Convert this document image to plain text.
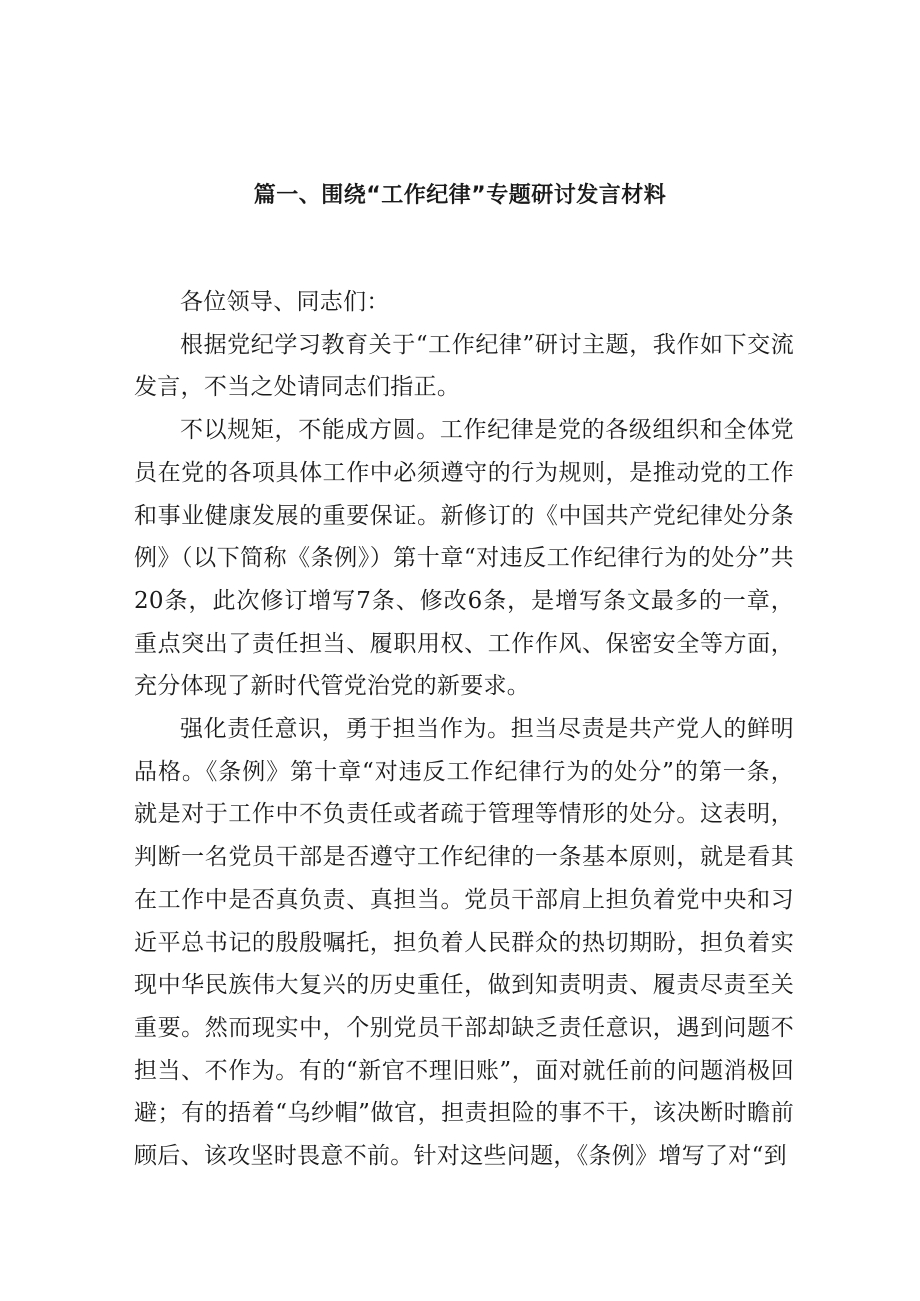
篇一、围绕“工作纪律”专题研讨发言材料

各位领导、同志们：

根据党纪学习教育关于“工作纪律”研讨主题，我作如下交流发言，不当之处请同志们指正。

不以规矩，不能成方圆。工作纪律是党的各级组织和全体党员在党的各项具体工作中必须遵守的行为规则，是推动党的工作和事业健康发展的重要保证。新修订的《中国共产党纪律处分条例》（以下简称《条例》）第十章“对违反工作纪律行为的处分”共20条，此次修订增写7条、修改6条，是增写条文最多的一章，重点突出了责任担当、履职用权、工作作风、保密安全等方面，充分体现了新时代管党治党的新要求。

强化责任意识，勇于担当作为。担当尽责是共产党人的鲜明品格。《条例》第十章“对违反工作纪律行为的处分”的第一条，就是对于工作中不负责任或者疏于管理等情形的处分。这表明，判断一名党员干部是否遵守工作纪律的一条基本原则，就是看其在工作中是否真负责、真担当。党员干部肩上担负着党中央和习近平总书记的殷殷嘱托，担负着人民群众的热切期盼，担负着实现中华民族伟大复兴的历史重任，做到知责明责、履责尽责至关重要。然而现实中，个别党员干部却缺乏责任意识，遇到问题不担当、不作为。有的“新官不理旧账”，面对就任前的问题消极回避；有的捂着“乌纱帽”做官，担责担险的事不干，该决断时瞻前顾后、该攻坚时畏意不前。针对这些问题，《条例》增写了对“到
